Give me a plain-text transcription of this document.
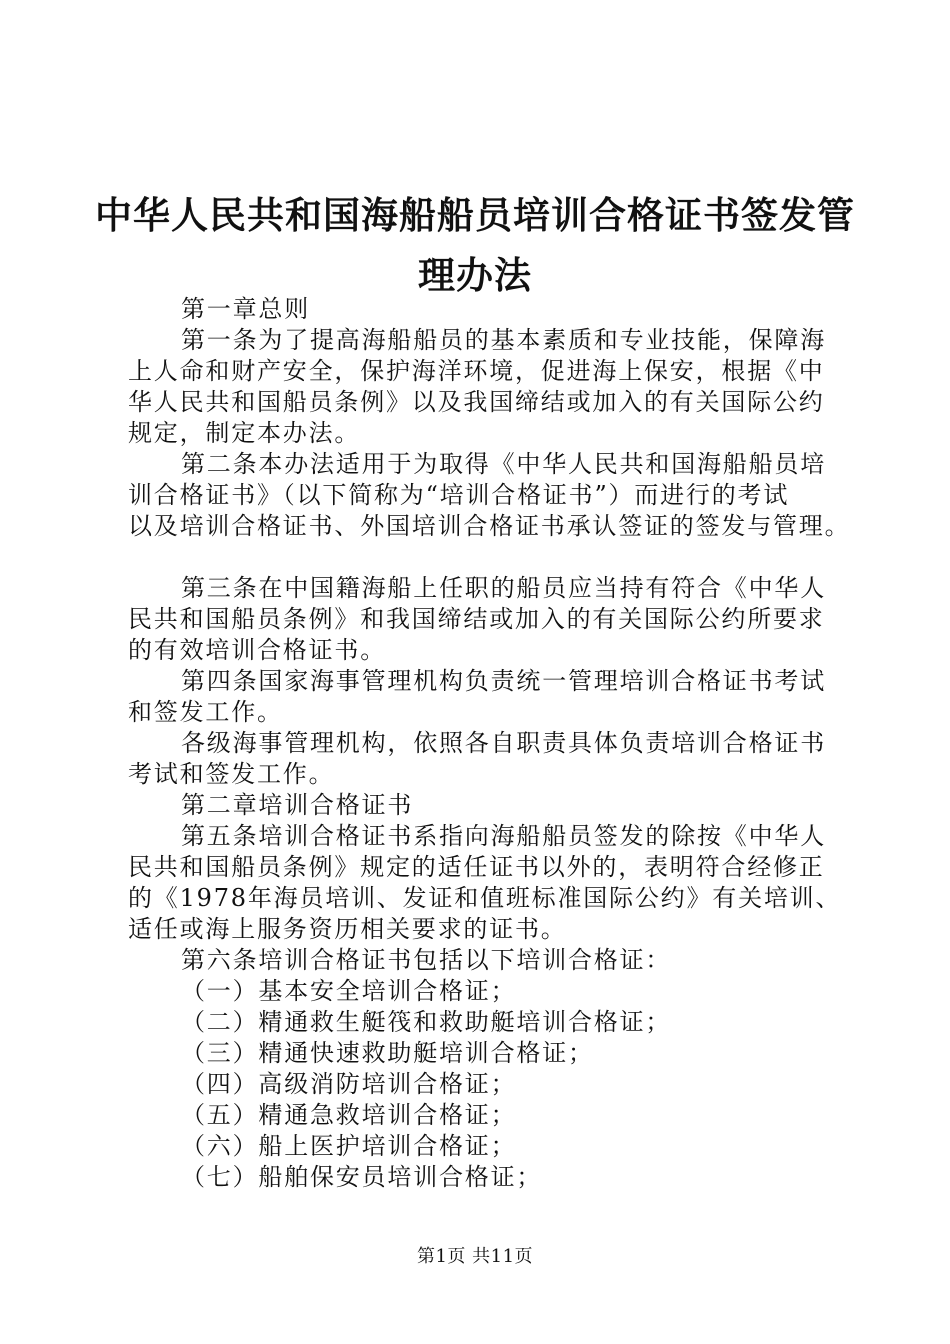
中华人民共和国海船船员培训合格证书签发管
理办法
第一章总则
第一条为了提高海船船员的基本素质和专业技能，保障海
上人命和财产安全，保护海洋环境，促进海上保安，根据《中
华人民共和国船员条例》以及我国缔结或加入的有关国际公约
规定，制定本办法。
第二条本办法适用于为取得《中华人民共和国海船船员培
训合格证书》（以下简称为“培训合格证书”）而进行的考试
以及培训合格证书、外国培训合格证书承认签证的签发与管理。
第三条在中国籍海船上任职的船员应当持有符合《中华人
民共和国船员条例》和我国缔结或加入的有关国际公约所要求
的有效培训合格证书。
第四条国家海事管理机构负责统一管理培训合格证书考试
和签发工作。
各级海事管理机构，依照各自职责具体负责培训合格证书
考试和签发工作。
第二章培训合格证书
第五条培训合格证书系指向海船船员签发的除按《中华人
民共和国船员条例》规定的适任证书以外的，表明符合经修正
的《1978年海员培训、发证和值班标准国际公约》有关培训、
适任或海上服务资历相关要求的证书。
第六条培训合格证书包括以下培训合格证：
（一）基本安全培训合格证；
（二）精通救生艇筏和救助艇培训合格证；
（三）精通快速救助艇培训合格证；
（四）高级消防培训合格证；
（五）精通急救培训合格证；
（六）船上医护培训合格证；
（七）船舶保安员培训合格证；
第1页 共11页
